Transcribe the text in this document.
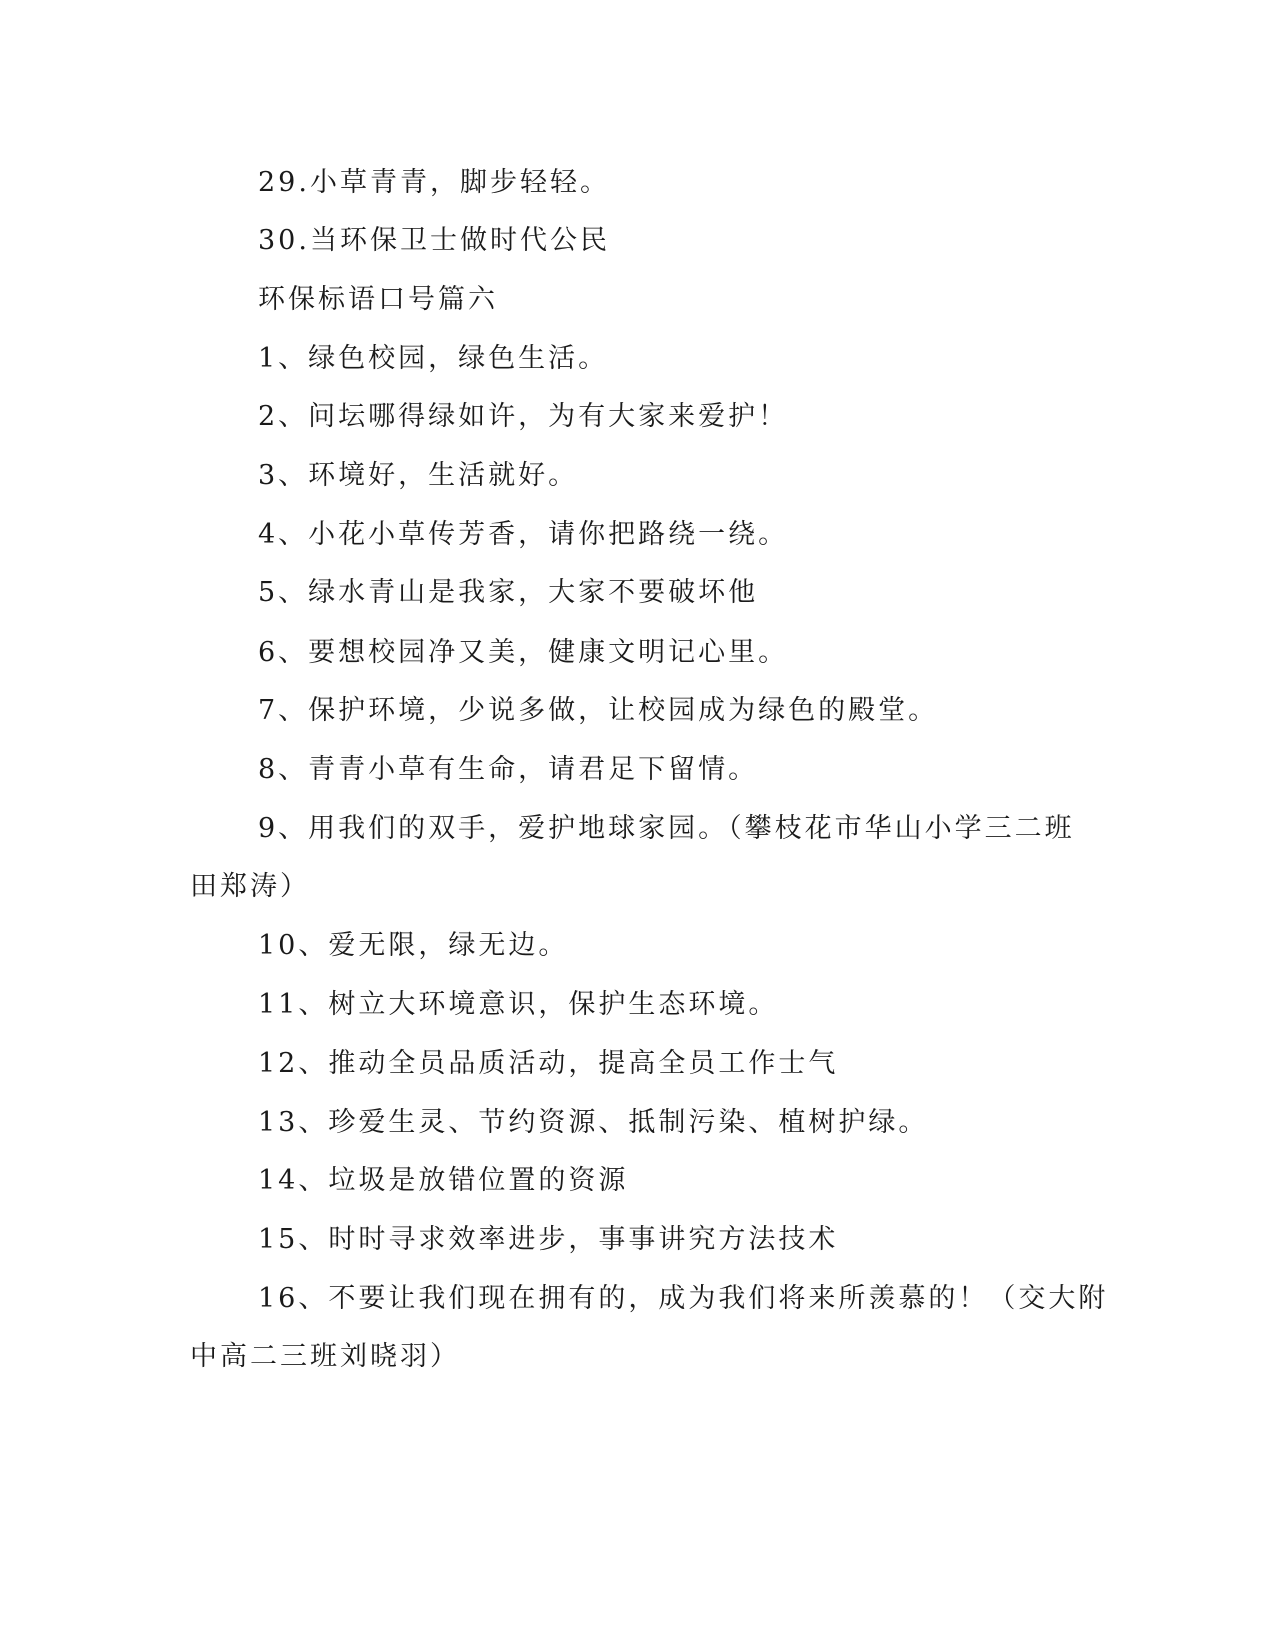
29.小草青青，脚步轻轻。
30.当环保卫士做时代公民
环保标语口号篇六
1、绿色校园，绿色生活。
2、问坛哪得绿如许，为有大家来爱护！
3、环境好，生活就好。
4、小花小草传芳香，请你把路绕一绕。
5、绿水青山是我家，大家不要破坏他
6、要想校园净又美，健康文明记心里。
7、保护环境，少说多做，让校园成为绿色的殿堂。
8、青青小草有生命，请君足下留情。
9、用我们的双手，爱护地球家园。（攀枝花市华山小学三二班
田郑涛）
10、爱无限，绿无边。
11、树立大环境意识，保护生态环境。
12、推动全员品质活动，提高全员工作士气
13、珍爱生灵、节约资源、抵制污染、植树护绿。
14、垃圾是放错位置的资源
15、时时寻求效率进步，事事讲究方法技术
16、不要让我们现在拥有的，成为我们将来所羡慕的！（交大附
中高二三班刘晓羽）
